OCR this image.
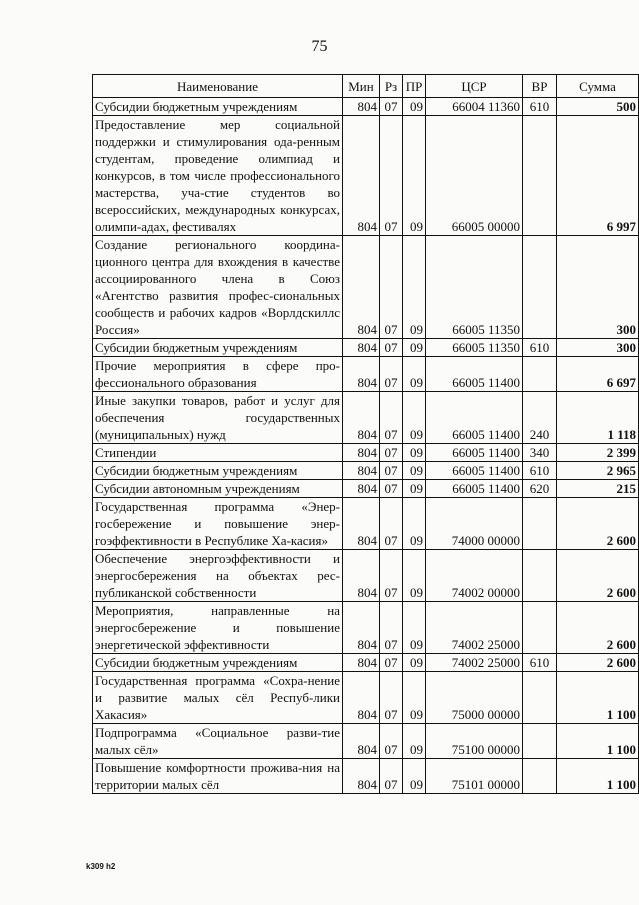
75
Наименование	Мин	Рз	ПР	ЦСР	ВР	Сумма
Субсидии бюджетным учреждениям	804	07	09	66004 11360	610	500
Предоставление мер социальной поддержки и стимулирования ода-ренным студентам, проведение олимпиад и конкурсов, в том числе профессионального мастерства, уча-стие студентов во всероссийских, международных конкурсах, олимпи-адах, фестивалях	804	07	09	66005 00000		6 997
Создание регионального координа-ционного центра для вхождения в качестве ассоциированного члена в Союз «Агентство развития профес-сиональных сообществ и рабочих кадров «Ворлдскиллс Россия»	804	07	09	66005 11350		300
Субсидии бюджетным учреждениям	804	07	09	66005 11350	610	300
Прочие мероприятия в сфере про-фессионального образования	804	07	09	66005 11400		6 697
Иные закупки товаров, работ и услуг для обеспечения государственных (муниципальных) нужд	804	07	09	66005 11400	240	1 118
Стипендии	804	07	09	66005 11400	340	2 399
Субсидии бюджетным учреждениям	804	07	09	66005 11400	610	2 965
Субсидии автономным учреждениям	804	07	09	66005 11400	620	215
Государственная программа «Энер-госбережение и повышение энер-гоэффективности в Республике Ха-касия»	804	07	09	74000 00000		2 600
Обеспечение энергоэффективности и энергосбережения на объектах рес-публиканской собственности	804	07	09	74002 00000		2 600
Мероприятия, направленные на энергосбережение и повышение энергетической эффективности	804	07	09	74002 25000		2 600
Субсидии бюджетным учреждениям	804	07	09	74002 25000	610	2 600
Государственная программа «Сохра-нение и развитие малых сёл Респуб-лики Хакасия»	804	07	09	75000 00000		1 100
Подпрограмма «Социальное разви-тие малых сёл»	804	07	09	75100 00000		1 100
Повышение комфортности прожива-ния на территории малых сёл	804	07	09	75101 00000		1 100
k309 h2
